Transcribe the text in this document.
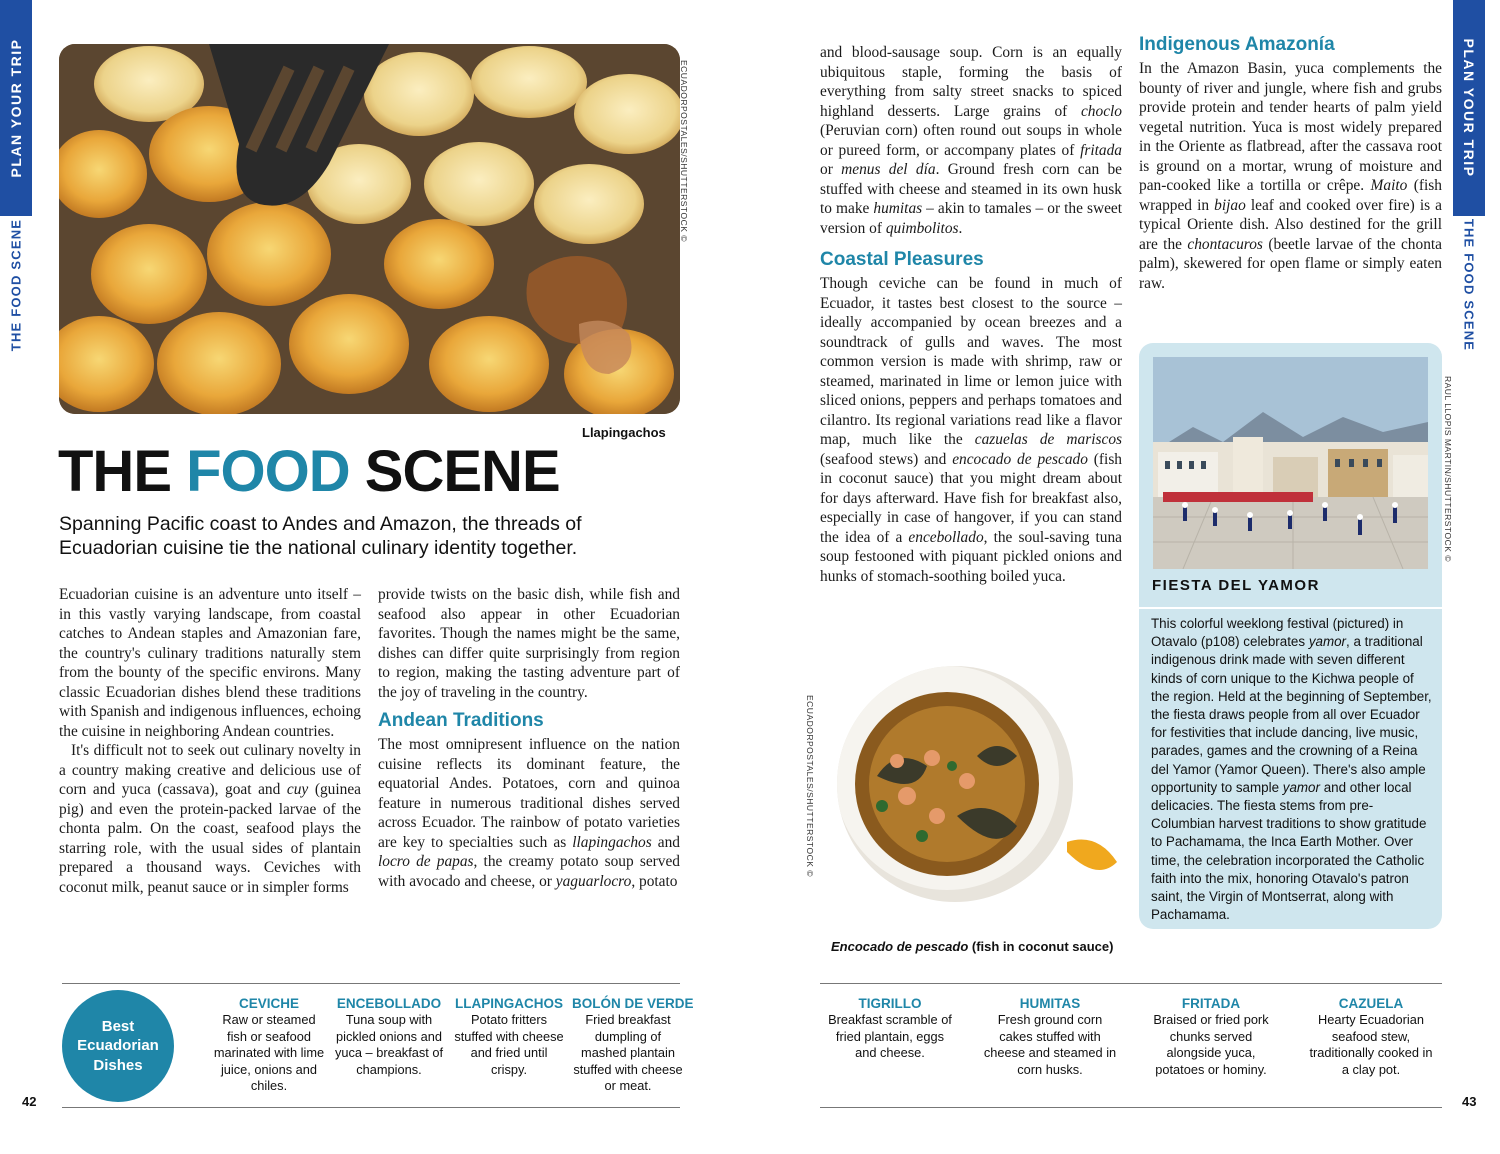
PLAN YOUR TRIP
THE FOOD SCENE
ECUADORPOSTALES/SHUTTERSTOCK ©
Llapingachos
THE FOOD SCENE
Spanning Pacific coast to Andes and Amazon, the threads of Ecuadorian cuisine tie the national culinary identity together.

Ecuadorian cuisine is an adventure unto itself – in this vastly varying landscape, from coastal catches to Andean staples and Amazonian fare, the country's culinary traditions naturally stem from the bounty of the specific environs. Many classic Ecuadorian dishes blend these traditions with Spanish and indigenous influences, echoing the cuisine in neighboring Andean countries.

It's difficult not to seek out culinary novelty in a country making creative and delicious use of corn and yuca (cassava), goat and cuy (guinea pig) and even the protein-packed larvae of the chonta palm. On the coast, seafood plays the starring role, with the usual sides of plantain prepared a thousand ways. Ceviches with coconut milk, peanut sauce or in simpler forms

provide twists on the basic dish, while fish and seafood also appear in other Ecuadorian favorites. Though the names might be the same, dishes can differ quite surprisingly from region to region, making the tasting adventure part of the joy of traveling in the country.

Andean Traditions

The most omnipresent influence on the nation cuisine reflects its dominant feature, the equatorial Andes. Potatoes, corn and quinoa feature in numerous traditional dishes served across Ecuador. The rainbow of potato varieties are key to specialties such as llapingachos and locro de papas, the creamy potato soup served with avocado and cheese, or yaguarlocro, potato

Best Ecuadorian Dishes
CEVICHE
Raw or steamed fish or seafood marinated with lime juice, onions and chiles.
ENCEBOLLADO
Tuna soup with pickled onions and yuca – breakfast of champions.
LLAPINGACHOS
Potato fritters stuffed with cheese and fried until crispy.
BOLÓN DE VERDE
Fried breakfast dumpling of mashed plantain stuffed with cheese or meat.
42

and blood-sausage soup. Corn is an equally ubiquitous staple, forming the basis of everything from salty street snacks to spiced highland desserts. Large grains of choclo (Peruvian corn) often round out soups in whole or pureed form, or accompany plates of fritada or menus del día. Ground fresh corn can be stuffed with cheese and steamed in its own husk to make humitas – akin to tamales – or the sweet version of quimbolitos.

Coastal Pleasures

Though ceviche can be found in much of Ecuador, it tastes best closest to the source – ideally accompanied by ocean breezes and a soundtrack of gulls and waves. The most common version is made with shrimp, raw or steamed, marinated in lime or lemon juice with sliced onions, peppers and perhaps tomatoes and cilantro. Its regional variations read like a flavor map, much like the cazuelas de mariscos (seafood stews) and encocado de pescado (fish in coconut sauce) that you might dream about for days afterward. Have fish for breakfast also, especially in case of hangover, if you can stand the idea of a encebollado, the soul-saving tuna soup festooned with piquant pickled onions and hunks of stomach-soothing boiled yuca.

Indigenous Amazonía

In the Amazon Basin, yuca complements the bounty of river and jungle, where fish and grubs provide protein and tender hearts of palm yield vegetal nutrition. Yuca is most widely prepared in the Oriente as flatbread, after the cassava root is ground on a mortar, wrung of moisture and pan-cooked like a tortilla or crêpe. Maito (fish wrapped in bijao leaf and cooked over fire) is a typical Oriente dish. Also destined for the grill are the chontacuros (beetle larvae of the chonta palm), skewered for open flame or simply eaten raw.

FIESTA DEL YAMOR
This colorful weeklong festival (pictured) in Otavalo (p108) celebrates yamor, a traditional indigenous drink made with seven different kinds of corn unique to the Kichwa people of the region. Held at the beginning of September, the fiesta draws people from all over Ecuador for festivities that include dancing, live music, parades, games and the crowning of a Reina del Yamor (Yamor Queen). There's also ample opportunity to sample yamor and other local delicacies. The fiesta stems from pre-Columbian harvest traditions to show gratitude to Pachamama, the Inca Earth Mother. Over time, the celebration incorporated the Catholic faith into the mix, honoring Otavalo's patron saint, the Virgin of Montserrat, along with Pachamama.
RAUL LLOPIS MARTIN/SHUTTERSTOCK ©
ECUADORPOSTALES/SHUTTERSTOCK ©
Encocado de pescado (fish in coconut sauce)
TIGRILLO
Breakfast scramble of fried plantain, eggs and cheese.
HUMITAS
Fresh ground corn cakes stuffed with cheese and steamed in corn husks.
FRITADA
Braised or fried pork chunks served alongside yuca, potatoes or hominy.
CAZUELA
Hearty Ecuadorian seafood stew, traditionally cooked in a clay pot.
PLAN YOUR TRIP
THE FOOD SCENE
43
